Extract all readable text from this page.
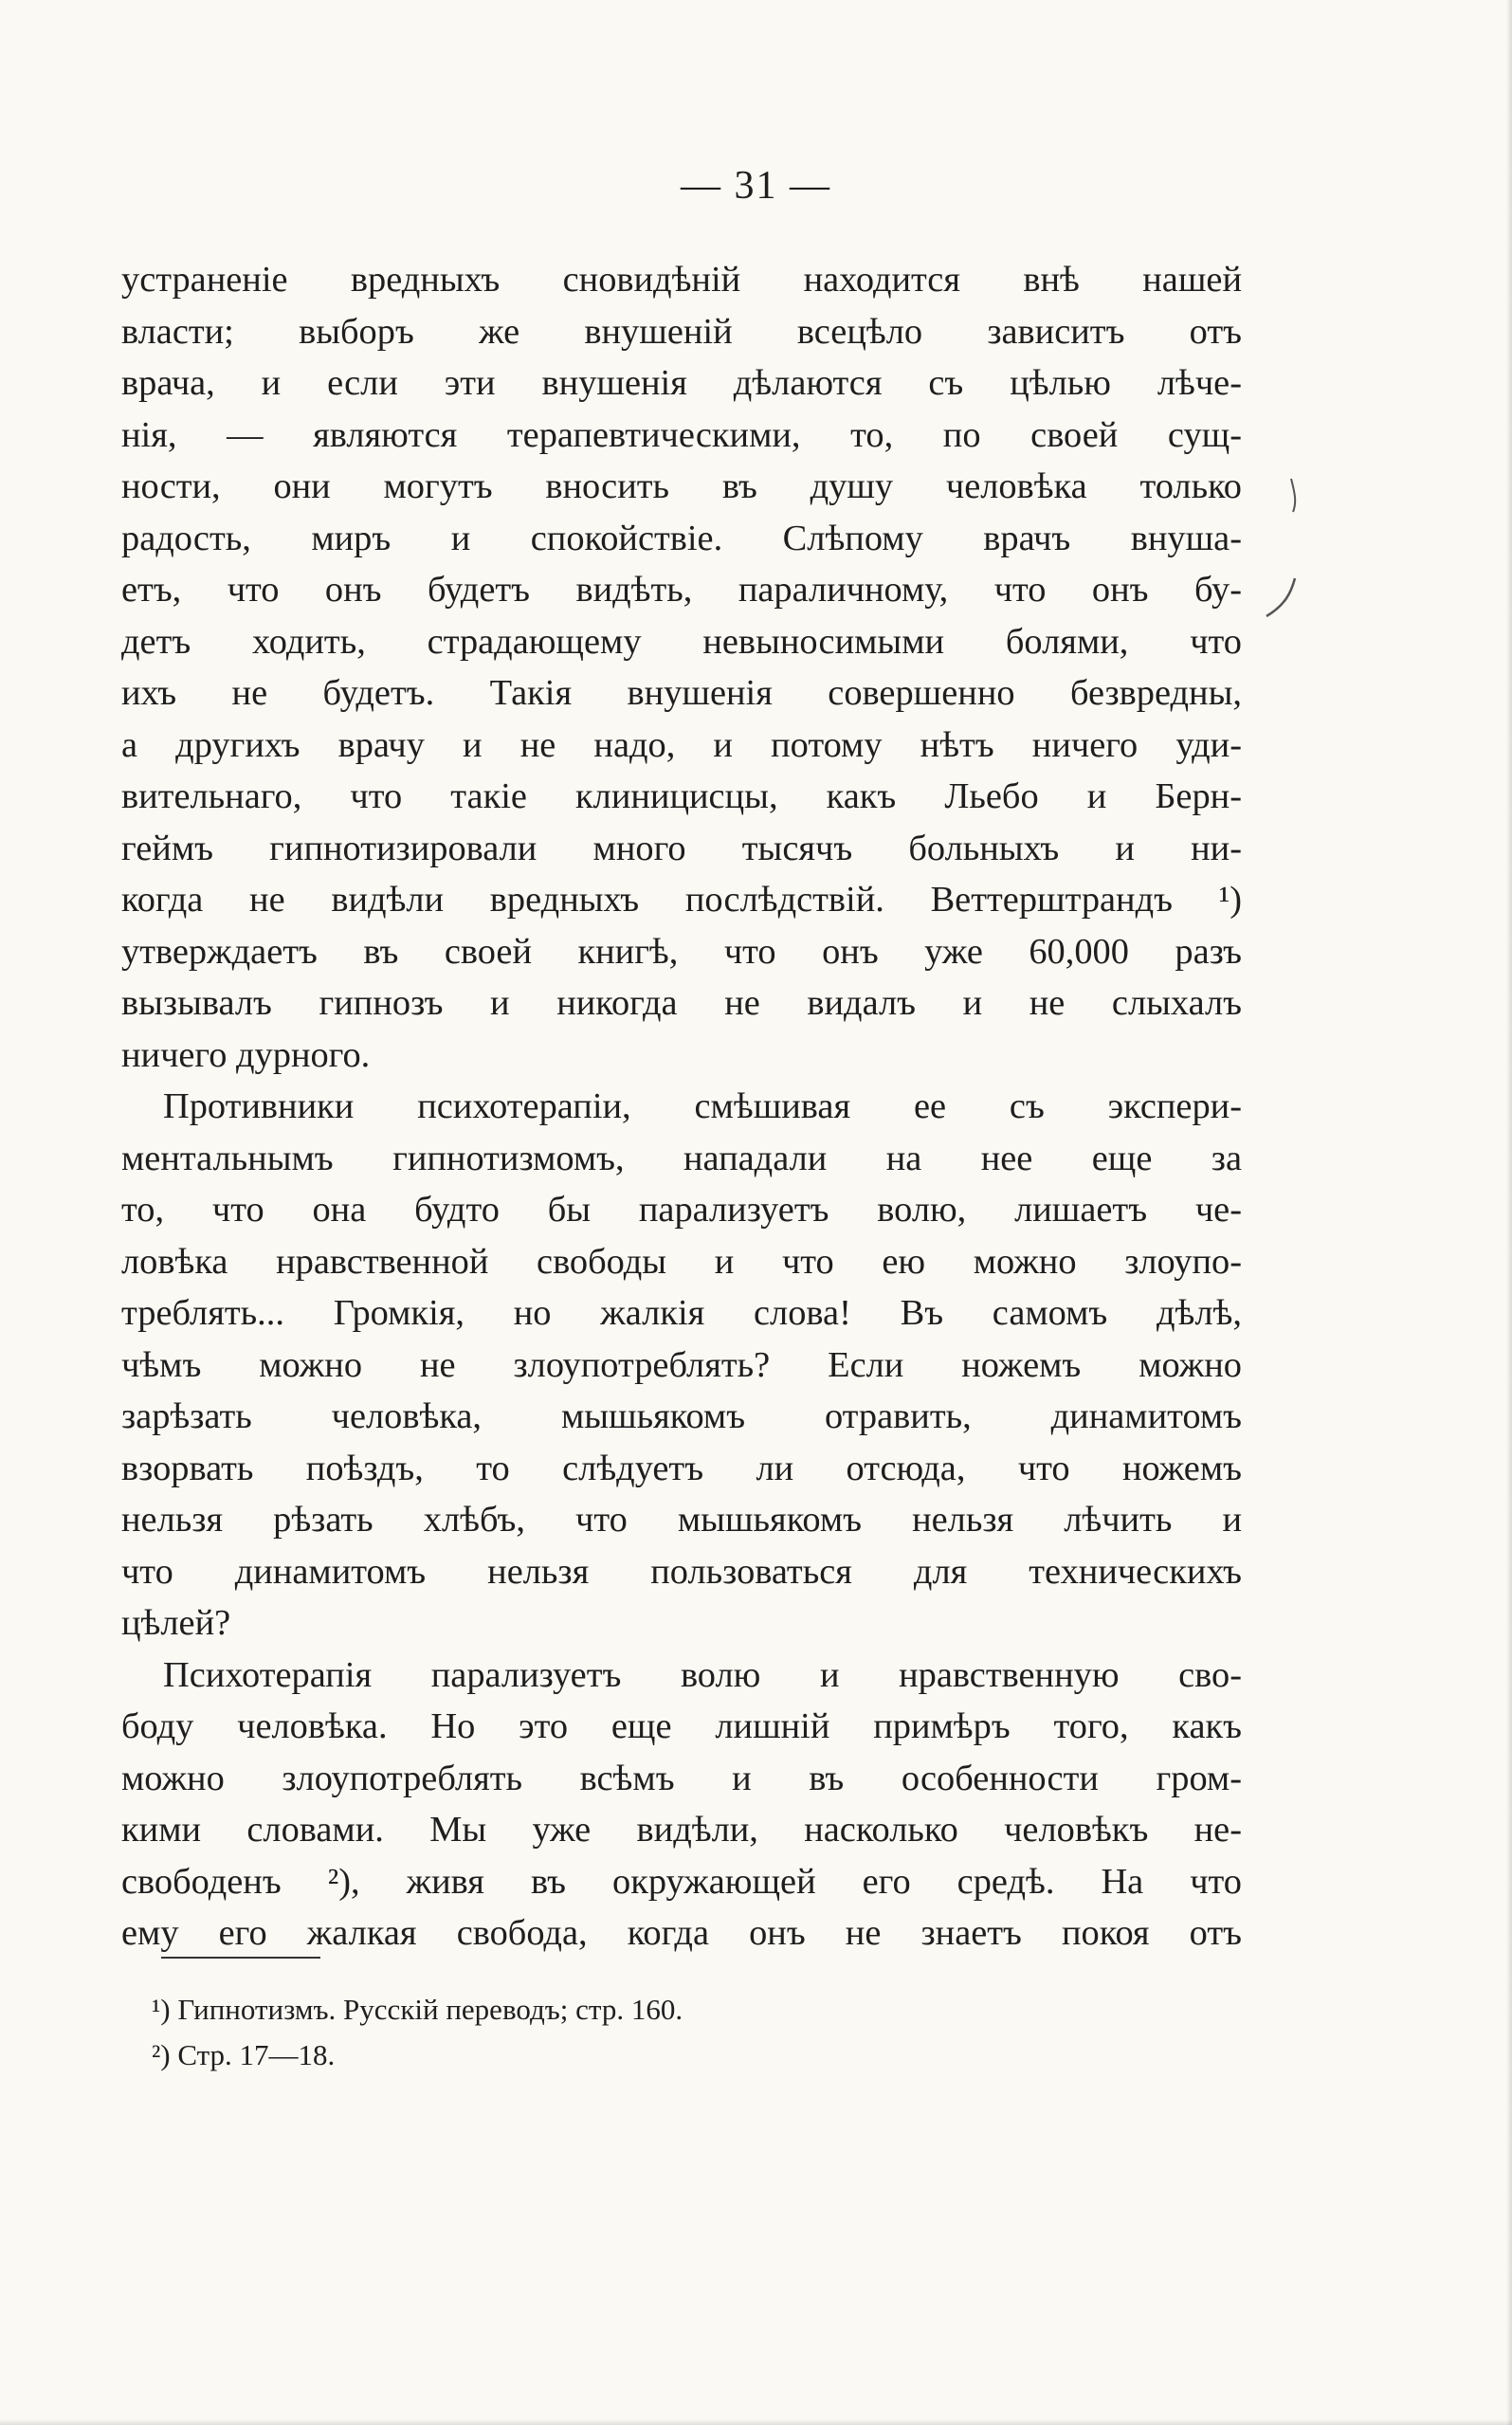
— 31 —
устраненіе вредныхъ сновидѣній находится внѣ нашей
власти; выборъ же внушеній всецѣло зависитъ отъ
врача, и если эти внушенія дѣлаются съ цѣлью лѣче-
нія, — являются терапевтическими, то, по своей сущ-
ности, они могутъ вносить въ душу человѣка только
радость, миръ и спокойствіе. Слѣпому врачъ внуша-
етъ, что онъ будетъ видѣть, параличному, что онъ бу-
детъ ходить, страдающему невыносимыми болями, что
ихъ не будетъ. Такія внушенія совершенно безвредны,
а другихъ врачу и не надо, и потому нѣтъ ничего уди-
вительнаго, что такіе клиницисцы, какъ Льебо и Берн-
геймъ гипнотизировали много тысячъ больныхъ и ни-
когда не видѣли вредныхъ послѣдствій. Веттерштрандъ ¹)
утверждаетъ въ своей книгѣ, что онъ уже 60,000 разъ
вызывалъ гипнозъ и никогда не видалъ и не слыхалъ
ничего дурного.
Противники психотерапіи, смѣшивая ее съ экспери-
ментальнымъ гипнотизмомъ, нападали на нее еще за
то, что она будто бы парализуетъ волю, лишаетъ че-
ловѣка нравственной свободы и что ею можно злоупо-
треблять... Громкія, но жалкія слова! Въ самомъ дѣлѣ,
чѣмъ можно не злоупотреблять? Если ножемъ можно
зарѣзать человѣка, мышьякомъ отравить, динамитомъ
взорвать поѣздъ, то слѣдуетъ ли отсюда, что ножемъ
нельзя рѣзать хлѣбъ, что мышьякомъ нельзя лѣчить и
что динамитомъ нельзя пользоваться для техническихъ
цѣлей?
Психотерапія парализуетъ волю и нравственную сво-
боду человѣка. Но это еще лишній примѣръ того, какъ
можно злоупотреблять всѣмъ и въ особенности гром-
кими словами. Мы уже видѣли, насколько человѣкъ не-
свободенъ ²), живя въ окружающей его средѣ. На что
ему его жалкая свобода, когда онъ не знаетъ покоя отъ
¹) Гипнотизмъ. Русскій переводъ; стр. 160.
²) Стр. 17—18.
